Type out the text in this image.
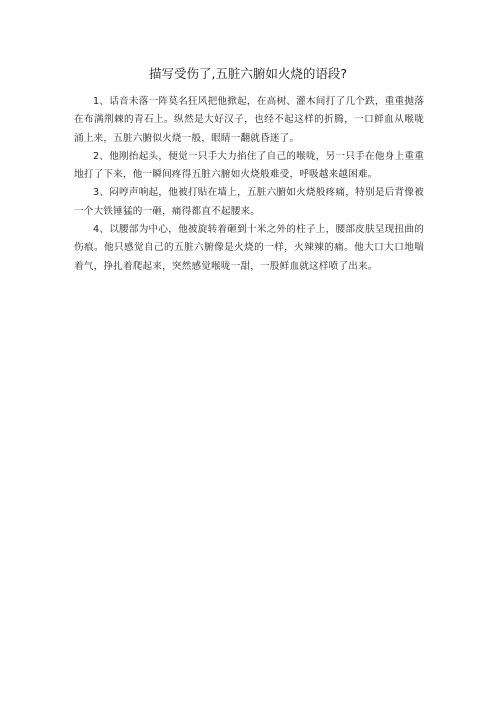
描写受伤了,五脏六腑如火烧的语段?

1、话音未落一阵莫名狂风把他掀起，在高树、灌木间打了几个跌，重重抛落在布满荆棘的青石上。纵然是大好汉子，也经不起这样的折腾，一口鲜血从喉咙涌上来，五脏六腑似火烧一般，眼睛一翻就昏迷了。

2、他刚抬起头，便觉一只手大力掐住了自己的喉咙，另一只手在他身上重重地打了下来，他一瞬间疼得五脏六腑如火烧般难受，呼吸越来越困难。

3、闷哼声响起，他被打贴在墙上，五脏六腑如火烧般疼痛，特别是后背像被一个大铁锤猛的一砸，痛得都直不起腰来。

4、以腰部为中心，他被旋转着砸到十米之外的柱子上，腰部皮肤呈现扭曲的伤痕。他只感觉自己的五脏六腑像是火烧的一样，火辣辣的痛。他大口大口地喘着气，挣扎着爬起来，突然感觉喉咙一甜，一股鲜血就这样喷了出来。
